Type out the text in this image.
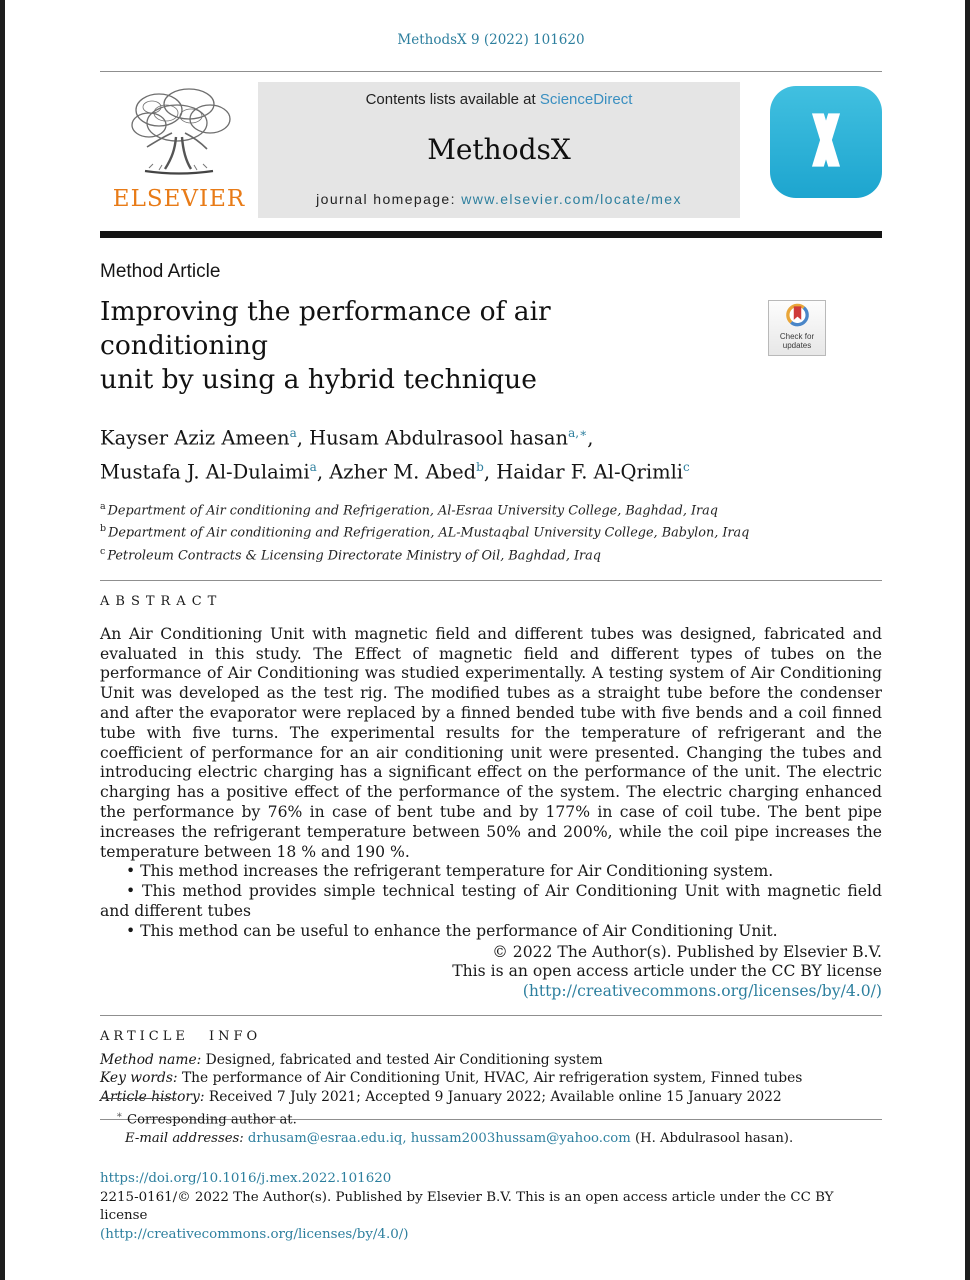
MethodsX 9 (2022) 101620
ELSEVIER
Contents lists available at ScienceDirect
MethodsX
journal homepage: www.elsevier.com/locate/mex
Method Article
Improving the performance of air conditioning
unit by using a hybrid technique
Check for
updates
Kayser Aziz Ameen$^a$, Husam Abdulrasool hasan$^{a,∗}$,
Mustafa J. Al-Dulaimi$^a$, Azher M. Abed$^b$, Haidar F. Al-Qrimli$^c$
$^a$ Department of Air conditioning and Refrigeration, Al-Esraa University College, Baghdad, Iraq
$^b$ Department of Air conditioning and Refrigeration, AL-Mustaqbal University College, Babylon, Iraq
$^c$ Petroleum Contracts & Licensing Directorate Ministry of Oil, Baghdad, Iraq
ABSTRACT
An Air Conditioning Unit with magnetic field and different tubes was designed, fabricated and evaluated in this study. The Effect of magnetic field and different types of tubes on the performance of Air Conditioning was studied experimentally. A testing system of Air Conditioning Unit was developed as the test rig. The modified tubes as a straight tube before the condenser and after the evaporator were replaced by a finned bended tube with five bends and a coil finned tube with five turns. The experimental results for the temperature of refrigerant and the coefficient of performance for an air conditioning unit were presented. Changing the tubes and introducing electric charging has a significant effect on the performance of the unit. The electric charging has a positive effect of the performance of the system. The electric charging enhanced the performance by 76% in case of bent tube and by 177% in case of coil tube. The bent pipe increases the refrigerant temperature between 50% and 200%, while the coil pipe increases the temperature between 18 % and 190 %.
• This method increases the refrigerant temperature for Air Conditioning system.
• This method provides simple technical testing of Air Conditioning Unit with magnetic field and different tubes
• This method can be useful to enhance the performance of Air Conditioning Unit.
© 2022 The Author(s). Published by Elsevier B.V.
This is an open access article under the CC BY license (http://creativecommons.org/licenses/by/4.0/)
ARTICLE INFO
Method name: Designed, fabricated and tested Air Conditioning system
Key words: The performance of Air Conditioning Unit, HVAC, Air refrigeration system, Finned tubes
Article history: Received 7 July 2021; Accepted 9 January 2022; Available online 15 January 2022
∗ Corresponding author at.
E-mail addresses: drhusam@esraa.edu.iq, hussam2003hussam@yahoo.com (H. Abdulrasool hasan).
https://doi.org/10.1016/j.mex.2022.101620
2215-0161/© 2022 The Author(s). Published by Elsevier B.V. This is an open access article under the CC BY license
(http://creativecommons.org/licenses/by/4.0/)
